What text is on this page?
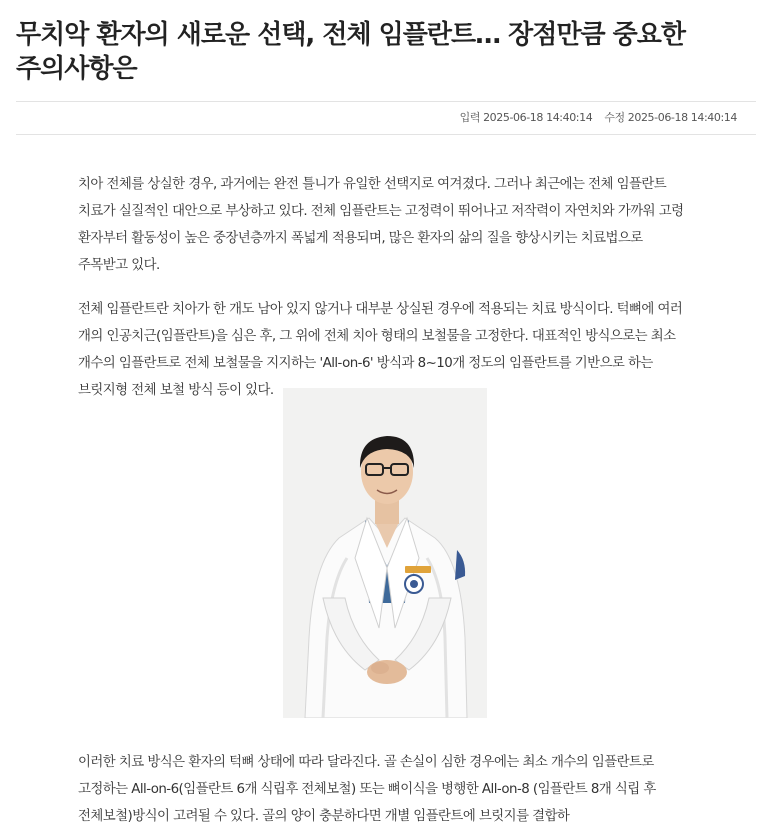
무치악 환자의 새로운 선택, 전체 임플란트… 장점만큼 중요한 주의사항은
입력 2025-06-18 14:40:14 수정 2025-06-18 14:40:14

치아 전체를 상실한 경우, 과거에는 완전 틀니가 유일한 선택지로 여겨졌다. 그러나 최근에는 전체 임플란트 치료가 실질적인 대안으로 부상하고 있다. 전체 임플란트는 고정력이 뛰어나고 저작력이 자연치와 가까워 고령 환자부터 활동성이 높은 중장년층까지 폭넓게 적용되며, 많은 환자의 삶의 질을 향상시키는 치료법으로 주목받고 있다.

전체 임플란트란 치아가 한 개도 남아 있지 않거나 대부분 상실된 경우에 적용되는 치료 방식이다. 턱뼈에 여러 개의 인공치근(임플란트)을 심은 후, 그 위에 전체 치아 형태의 보철물을 고정한다. 대표적인 방식으로는 최소 개수의 임플란트로 전체 보철물을 지지하는 'All-on-6' 방식과 8~10개 정도의 임플란트를 기반으로 하는 브릿지형 전체 보철 방식 등이 있다.

이러한 치료 방식은 환자의 턱뼈 상태에 따라 달라진다. 골 손실이 심한 경우에는 최소 개수의 임플란트로 고정하는 All-on-6(임플란트 6개 식립후 전체보철) 또는 뼈이식을 병행한 All-on-8 (임플란트 8개 식립 후 전체보철)방식이 고려될 수 있다. 골의 양이 충분하다면 개별 임플란트에 브릿지를 결합하
